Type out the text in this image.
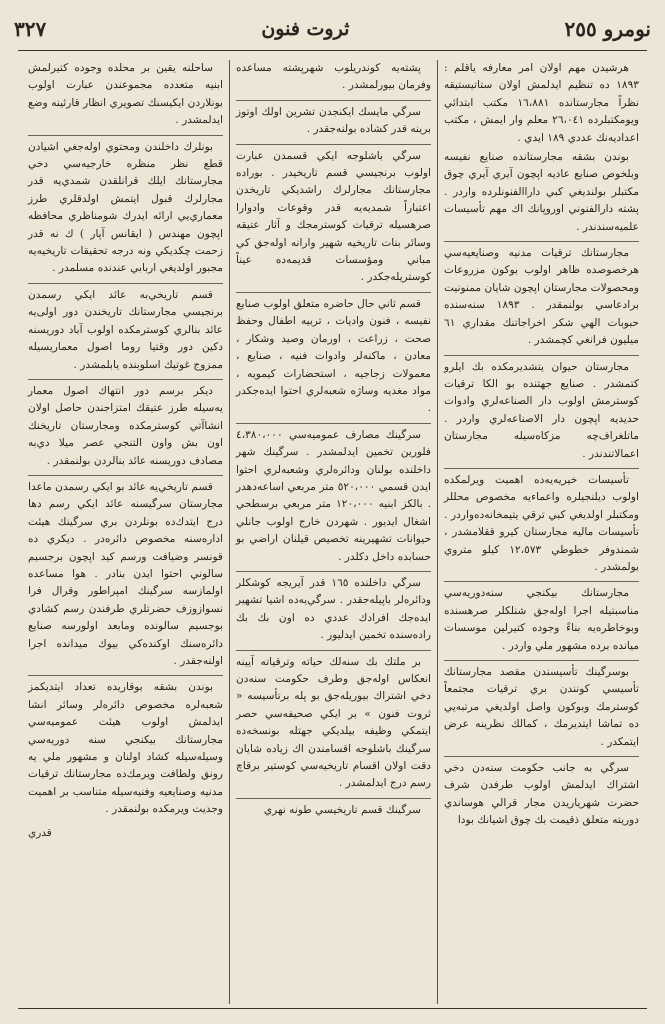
نومرو ٢٥٥
ثروت فنون
٣٢٧

هرشيدن مهم اولان امر معارفه ياقلم : ١٨٩٣ ده تنظيم ايدلمش اولان ستاتيستيقه نظراً مجارستانده ١٦،٨٨١ مكتب ابتدائي ويومكتبلرده ٢٦،٠٤١ معلم وار ايمش ، مكتب اعداديه‌نك عددي ١٨٩ ايدي .

بوندن بشقه مجارستانده صنايع نفيسه وبلخوص صنايع عاديه اپچون آيري آيري چوق مكتبلر بولنديغي كبي داراالفنونلرده واردر . پشته دارالفنوني اوروپانك اك مهم تأسيسات علميه‌سندندر .

مجارستانك ترقيات مدنيه وصنايعيه‌سي هرخصوصده ظاهر اولوب بوكون مزروعات ومحصولات مجارستان اپچون شايان ممنونيت برادعاسي بولنمقدر . ١٨٩٣ سنه‌سنده حبوبات الهي شكر اخراجاتنك مقداري ٦١ ميليون فرانغي كچمشدر .

مجارستان حيوان يتشديرمكده بك ايلرو كتمشدر . صنايع جهتنده بو الكا ترقيات كوسترمش اولوب دار الصناعه‌لري وادوات حديديه اپچون دار الاصناعه‌لري واردر . ماتلغراف‌چه مزكاه‌سيله مجارستان اعمالاتندندر .

تأسيسات خيريه‌يه‌ده اهميت ويرلمكده اولوب ديلنجيلره واعماءيه مخصوص محللر ومكتبلر اولديغي كبي ترقي يتيمخانه‌ده‌واردر . تأسيسات ماليه مجارستان كيرو ققلامشدر ، شمندوفر خطوطي ١٢،٥٧٣ كيلو متروي بولمشدر .

مجارستانك بيكنجي سنه‌دوريه‌سي مناسبتيله اجرا اوله‌جق شنلكلر صرهسنده وبوخاطره‌يه بناءً وجوده كتيرلين موسسات ميانده برده مشهور ملي واردر .

بوسرگينك تأسيسندن مقصد مجارستانك تأسيسي كونندن بري ترقيات مجتمعاً كوسترمك وبوكون واصل اولديغي مرتبه‌يي ده تماشا ايتديرمك ، كمالك نظرينه عرض ايتمكدر .

سرگي به جانب حكومت سنه‌دن دخي اشتراك ايدلمش اولوب طرفدن شرف حضرت شهرياريدن مجار قرالي هوساندي دوريته متعلق ذقيمت بك چوق اشيانك بودا

پشته‌يه كوندريلوب شهرپشته مساعده وفرمان بيورلمشدر .

سرگي مايسك ايكنجدن تشرين اولك اوتوز برينه قدر كشاده بولنه‌جقدر .

سرگي باشلوجه ايكي قسمدن عبارت اولوب برنجيسي قسم تاريخيدر . بوراده مجارستانك مجارلرك راشديكي تاريخدن اعتباراً شمديه‌يه قدر وقوعات وادوارا صرهسيله ترقيات كوسترمجك و آثار عتيقه وسائر بنات تاريخيه شهير وارانه اوله‌جق كي مباني ومؤسسات قديمه‌ده عيناً كوستريله‌جكدر .

قسم ثاني حال حاضره متعلق اولوب صنايع نفيسه ، فنون واديات ، تربيه اطفال وحفظ صحت ، زراعت ، اورمان وصيد وشكار ، معادن ، ماكنه‌لر وادوات فنيه ، صنايع ، معمولات زجاجيه ، استحضارات كيمويه ، مواد مغديه وساژه شعبه‌لري احتوا ايده‌جكدر .

سرگينك مصارف عموميه‌سي ٤،٣٨٠،٠٠٠ فلورين تخمين ايدلمشدر . سرگينك شهر داخلنده بولنان ودائره‌لري وشعبه‌لري احتوا ايدن قسمي ٥٢٠،٠٠٠ متر مربعي اساعه‌دهدر . بالكز ابنيه ١٢٠،٠٠٠ متر مربعي برسطحي اشغال ايديور . شهردن خارج اولوب جانلي حيوانات تشهيرينه تخصيص قيلنان اراضي بو حسابده داخل دكلدر .

سرگي داخلنده ١٦٥ قدر آيريجه كوشكلر ودائره‌لر باپيله‌جقدر . سرگي‌يه‌ده اشيا تشهير ايده‌جك افرادك عددي ده اون بك بك راده‌سنده تخمين ايدليور .

بر ملتك بك سنه‌لك حياته وترقياته آيينه انعكاس اوله‌جق وطرف حكومت سنه‌دن دخي اشتراك بيوريله‌جق بو پله برتأسيسه « ثروت فنون » بر ايكي صحيفه‌سي حصر ايتمكي وظيفه بيلديكي جهتله بونسخه‌ده سرگينك باشلوجه اقسامندن اك زياده شايان دقت اولان اقسام تاريخيه‌سي كوستير برقاچ رسم درج ايدلمشدر .

سرگينك قسم تاريخيسي طونه نهري

ساحلنه يقين بر محلده وجوده كتيرلمش ابنيه متعدده مجموعندن عبارت اولوب بونلاردن ايكيسنك تصويري انظار قارئينه وضع ايدلمشدر .

بونلرك داخلندن ومحتوي اوله‌جغي اشيادن قطع نظر منظره خارجيه‌سي دخي مجارستانك ايلك قرانلقدن شمدي‌يه قدر مجارلرك قبول ايتمش اولدقلري طرز معماري‌يي ارائه ايدرك شومناظري محافظه اپچون مهندس ( ايقانس آپار ) ك نه قدر زحمت چكديكي ونه درجه تحقيقات تاريخيه‌يه مجبور اولديغي اربابي عندنده مسلمدر .

قسم تاريخي‌به عائد ايكي رسمدن برنجيسي مجارستانك تاريخندن دور اولى‌يه عائد بنالري كوسترمكده اولوب آباد دوريسنه دكين دور وقتيا روما اصول معماريسيله ممزوج غوتيك اسلوبنده يابلمشدر .

ديكر برسم دور انتهاك اصول معمار يه‌سيله طرز عتيقك امتزاجندن حاصل اولان انشاآتي كوسترمكده ومجارستان تاريخنك اون بش واون التنجي عصر ميلا دي‌به مصادف دوريسنه عائد بنالردن بولنمقدر .

قسم تاريخي‌يه عائد بو ايكي رسمدن ماعدا مجارستان سرگيسنه عائد ايكي رسم دها درج ايتدك‌ده بونلردن بري سرگينك هيئت اداره‌سنه مخصوص دائره‌در . ديكري ده قونسر وضيافت ورسم كيد اپچون برجسيم سالوني احتوا ايدن بنادر . هوا مساعده اولمازسه سرگينك امپراطور وقرال فرا نسوازوزف حضرتلري طرفندن رسم كشادي بوجسيم سالونده ومابعد اولورسه صنايع دائره‌سنك اوكنده‌كي بيوك ميدانده اجرا اولنه‌جقدر .

بوندن بشقه بوقاريده تعداد ايتديكمز شعبه‌لره مخصوص دائره‌لر وسائر انشا ايدلمش اولوب هيئت عموميه‌سي مجارستانك بيكنجي سنه دوريه‌سي وسيله‌سيله كشاد اولنان و مشهور ملي يه رونق ولطافت ويرمك‌ده مجارستانك ترقيات مدنيه وصنايعيه وفنيه‌سيله متناسب بر اهميت وجديت ويرمكده بولنمقدر .

قدري
